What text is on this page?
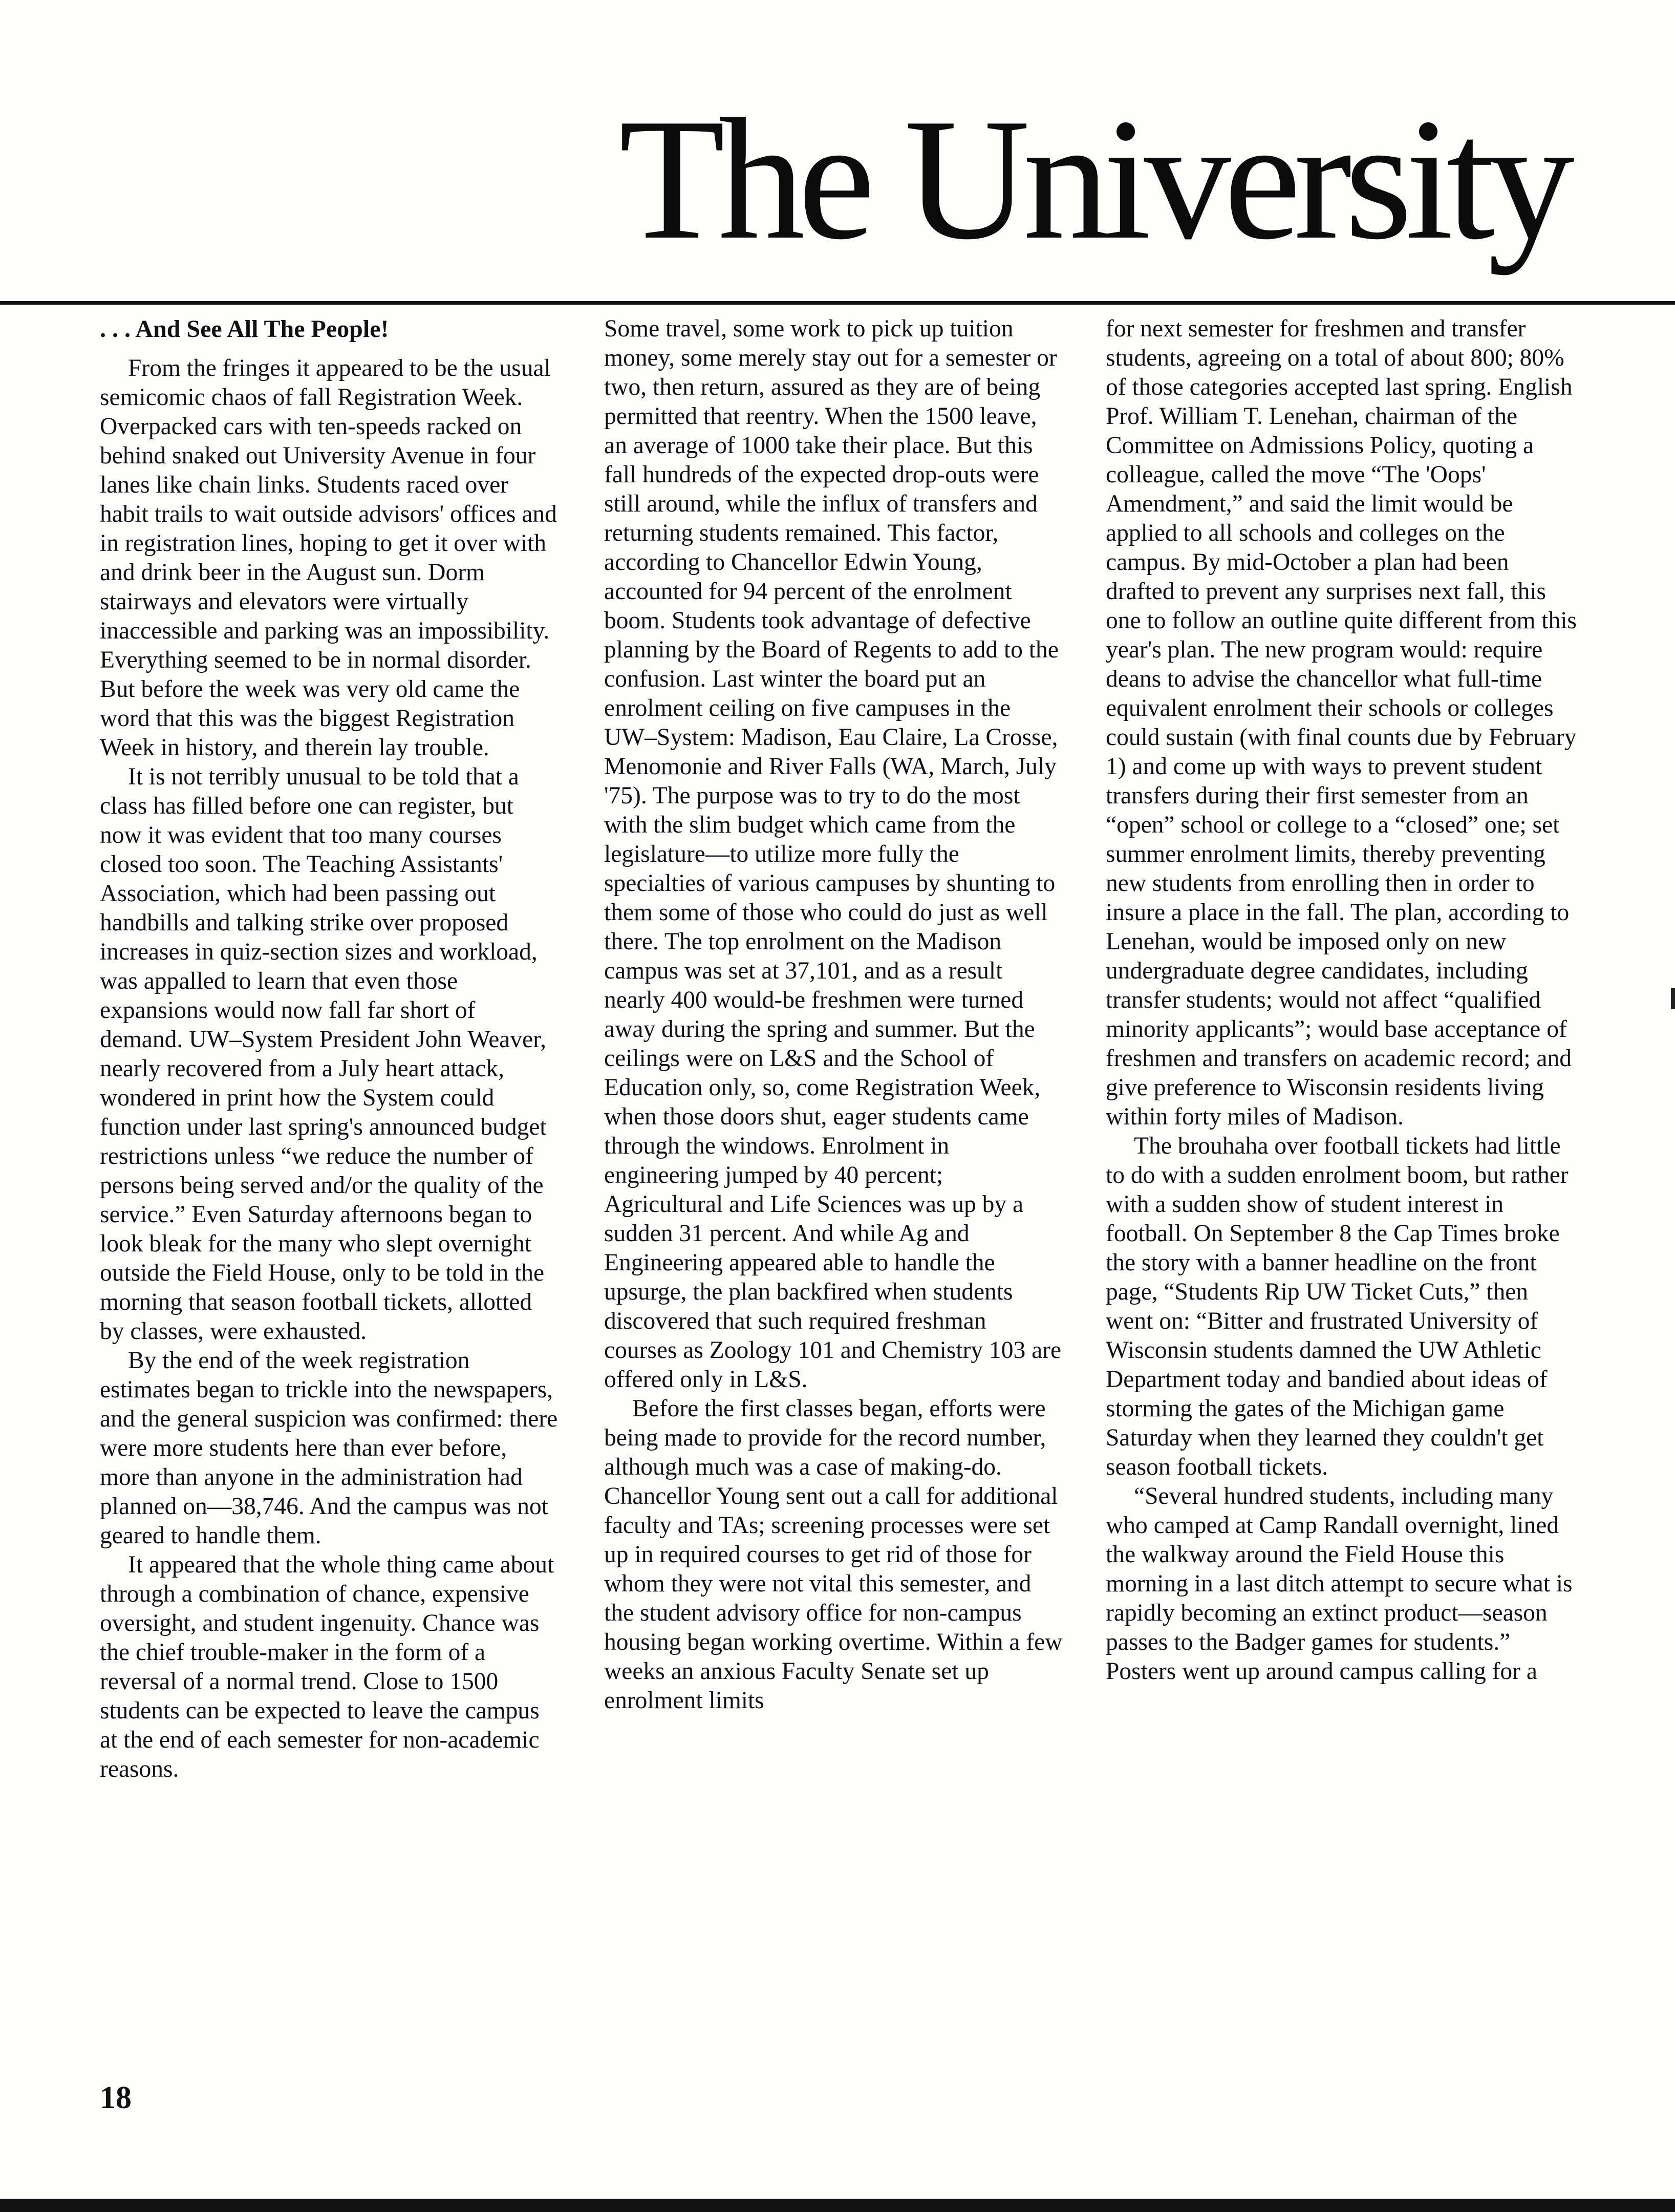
The University
. . . And See All The People!

From the fringes it appeared to be the usual semicomic chaos of fall Registration Week. Overpacked cars with ten-speeds racked on behind snaked out University Avenue in four lanes like chain links. Students raced over habit trails to wait outside advisors' offices and in registration lines, hoping to get it over with and drink beer in the August sun. Dorm stairways and elevators were virtually inaccessible and parking was an impossibility. Everything seemed to be in normal disorder. But before the week was very old came the word that this was the biggest Registration Week in history, and therein lay trouble.

It is not terribly unusual to be told that a class has filled before one can register, but now it was evident that too many courses closed too soon. The Teaching Assistants' Association, which had been passing out handbills and talking strike over proposed increases in quiz-section sizes and workload, was appalled to learn that even those expansions would now fall far short of demand. UW–System President John Weaver, nearly recovered from a July heart attack, wondered in print how the System could function under last spring's announced budget restrictions unless “we reduce the number of persons being served and/or the quality of the service.” Even Saturday afternoons began to look bleak for the many who slept overnight outside the Field House, only to be told in the morning that season football tickets, allotted by classes, were exhausted.

By the end of the week registration estimates began to trickle into the newspapers, and the general suspicion was confirmed: there were more students here than ever before, more than anyone in the administration had planned on—38,746. And the campus was not geared to handle them.

It appeared that the whole thing came about through a combination of chance, expensive oversight, and student ingenuity. Chance was the chief trouble-maker in the form of a reversal of a normal trend. Close to 1500 students can be expected to leave the campus at the end of each semester for non-academic reasons.

Some travel, some work to pick up tuition money, some merely stay out for a semester or two, then return, assured as they are of being permitted that reentry. When the 1500 leave, an average of 1000 take their place. But this fall hundreds of the expected drop-outs were still around, while the influx of transfers and returning students remained. This factor, according to Chancellor Edwin Young, accounted for 94 percent of the enrolment boom. Students took advantage of defective planning by the Board of Regents to add to the confusion. Last winter the board put an enrolment ceiling on five campuses in the UW–System: Madison, Eau Claire, La Crosse, Menomonie and River Falls (WA, March, July '75). The purpose was to try to do the most with the slim budget which came from the legislature—to utilize more fully the specialties of various campuses by shunting to them some of those who could do just as well there. The top enrolment on the Madison campus was set at 37,101, and as a result nearly 400 would-be freshmen were turned away during the spring and summer. But the ceilings were on L&S and the School of Education only, so, come Registration Week, when those doors shut, eager students came through the windows. Enrolment in engineering jumped by 40 percent; Agricultural and Life Sciences was up by a sudden 31 percent. And while Ag and Engineering appeared able to handle the upsurge, the plan backfired when students discovered that such required freshman courses as Zoology 101 and Chemistry 103 are offered only in L&S.

Before the first classes began, efforts were being made to provide for the record number, although much was a case of making-do. Chancellor Young sent out a call for additional faculty and TAs; screening processes were set up in required courses to get rid of those for whom they were not vital this semester, and the student advisory office for non-campus housing began working overtime. Within a few weeks an anxious Faculty Senate set up enrolment limits

for next semester for freshmen and transfer students, agreeing on a total of about 800; 80% of those categories accepted last spring. English Prof. William T. Lenehan, chairman of the Committee on Admissions Policy, quoting a colleague, called the move “The 'Oops' Amendment,” and said the limit would be applied to all schools and colleges on the campus. By mid-October a plan had been drafted to prevent any surprises next fall, this one to follow an outline quite different from this year's plan. The new program would: require deans to advise the chancellor what full-time equivalent enrolment their schools or colleges could sustain (with final counts due by February 1) and come up with ways to prevent student transfers during their first semester from an “open” school or college to a “closed” one; set summer enrolment limits, thereby preventing new students from enrolling then in order to insure a place in the fall. The plan, according to Lenehan, would be imposed only on new undergraduate degree candidates, including transfer students; would not affect “qualified minority applicants”; would base acceptance of freshmen and transfers on academic record; and give preference to Wisconsin residents living within forty miles of Madison.

The brouhaha over football tickets had little to do with a sudden enrolment boom, but rather with a sudden show of student interest in football. On September 8 the Cap Times broke the story with a banner headline on the front page, “Students Rip UW Ticket Cuts,” then went on: “Bitter and frustrated University of Wisconsin students damned the UW Athletic Department today and bandied about ideas of storming the gates of the Michigan game Saturday when they learned they couldn't get season football tickets.

“Several hundred students, including many who camped at Camp Randall overnight, lined the walkway around the Field House this morning in a last ditch attempt to secure what is rapidly becoming an extinct product—season passes to the Badger games for students.” Posters went up around campus calling for a

18
